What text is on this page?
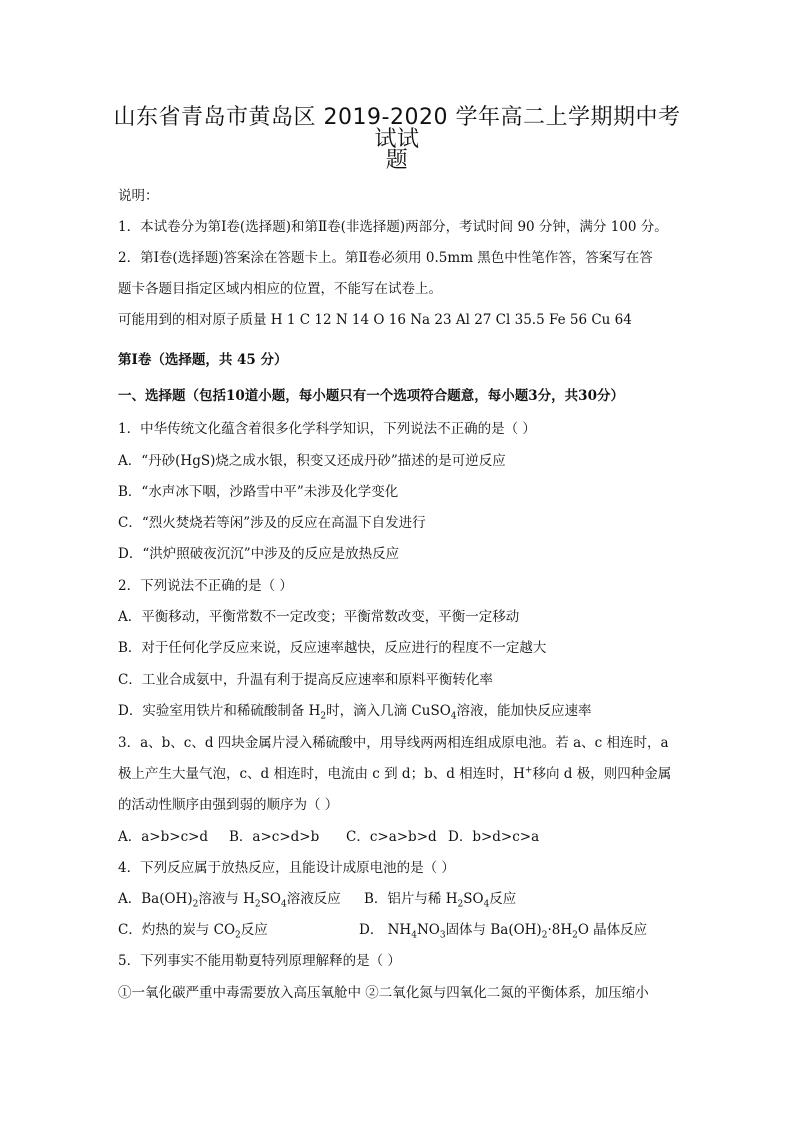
山东省青岛市黄岛区 2019-2020 学年高二上学期期中考试试
题
说明：
1．本试卷分为第Ⅰ卷(选择题)和第Ⅱ卷(非选择题)两部分，考试时间 90 分钟，满分 100 分。
2．第Ⅰ卷(选择题)答案涂在答题卡上。第Ⅱ卷必须用 0.5mm 黑色中性笔作答，答案写在答
题卡各题目指定区域内相应的位置，不能写在试卷上。
可能用到的相对原子质量 H 1 C 12 N 14 O 16 Na 23 Al 27 Cl 35.5 Fe 56 Cu 64
第Ⅰ卷（选择题，共 45 分）
一、选择题（包括10道小题，每小题只有一个选项符合题意，每小题3分，共30分）
1．中华传统文化蕴含着很多化学科学知识，下列说法不正确的是（ ）
A．“丹砂(HgS)烧之成水银，积变又还成丹砂”描述的是可逆反应
B．“水声冰下咽，沙路雪中平”未涉及化学变化
C．“烈火焚烧若等闲”涉及的反应在高温下自发进行
D．“洪炉照破夜沉沉”中涉及的反应是放热反应
2．下列说法不正确的是（ ）
A．平衡移动，平衡常数不一定改变；平衡常数改变，平衡一定移动
B．对于任何化学反应来说，反应速率越快，反应进行的程度不一定越大
C．工业合成氨中，升温有利于提高反应速率和原料平衡转化率
D．实验室用铁片和稀硫酸制备 $H_2$时，滴入几滴 CuSO$_4$溶液，能加快反应速率
3．a、b、c、d 四块金属片浸入稀硫酸中，用导线两两相连组成原电池。若 a、c 相连时，a
极上产生大量气泡，c、d 相连时，电流由 c 到 d；b、d 相连时，H+移向 d 极，则四种金属
的活动性顺序由强到弱的顺序为（ ）
A．a>b>c>d B．a>c>d>b C．c>a>b>d D．b>d>c>a
4．下列反应属于放热反应，且能设计成原电池的是（ ）
A．$Ba(OH)_2$溶液与 $H_2SO_4$溶液反应 B．铝片与稀 $H_2SO_4$反应
C．灼热的炭与 $CO_2$反应	D． $NH_4NO_3$固体与 $Ba(OH)_2\cdot 8H_2O$ 晶体反应
5．下列事实不能用勒夏特列原理解释的是（ ）
①一氧化碳严重中毒需要放入高压氧舱中 ②二氧化氮与四氧化二氮的平衡体系，加压缩小
